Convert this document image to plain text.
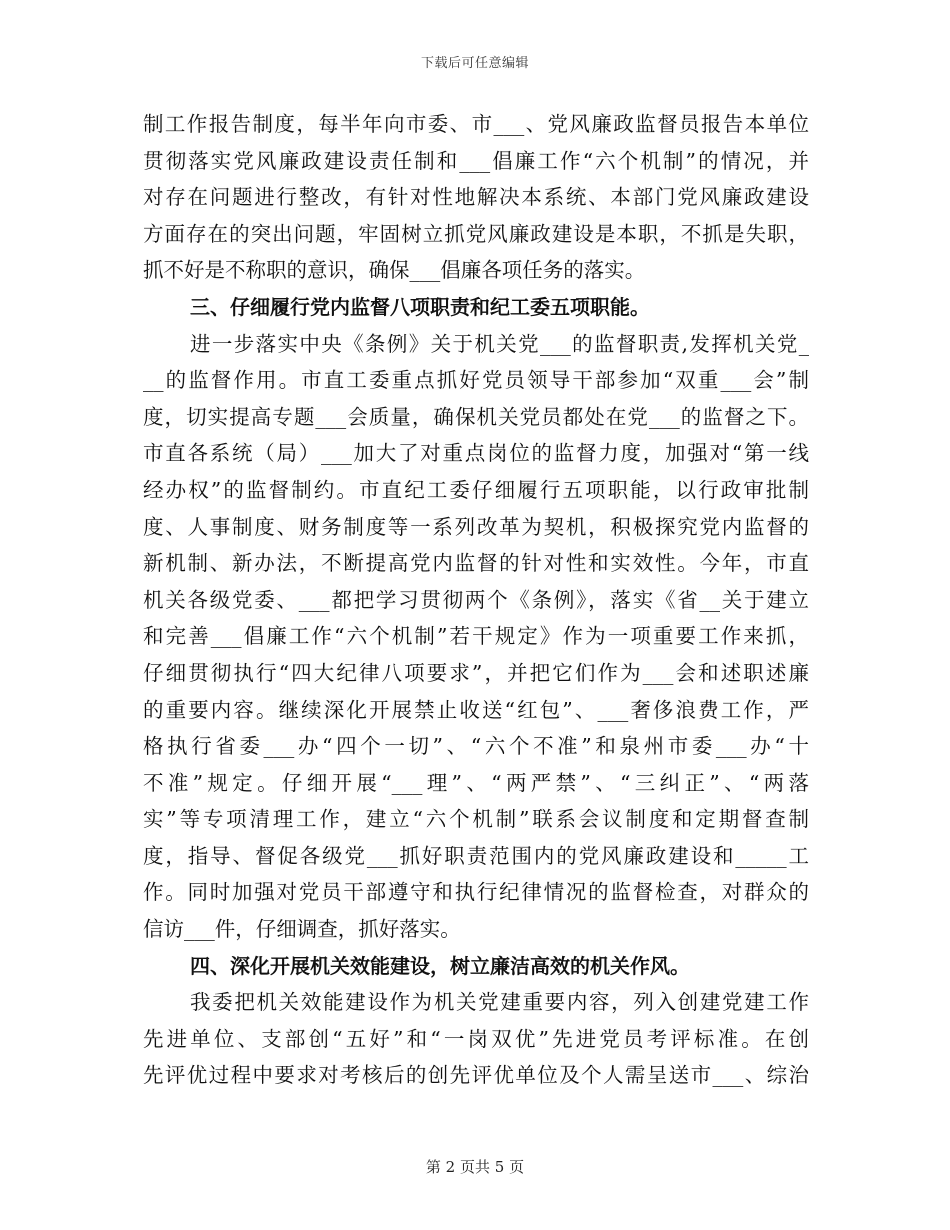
下载后可任意编辑
制工作报告制度，每半年向市委、市___、党风廉政监督员报告本单位
贯彻落实党风廉政建设责任制和___倡廉工作“六个机制”的情况，并
对存在问题进行整改，有针对性地解决本系统、本部门党风廉政建设
方面存在的突出问题，牢固树立抓党风廉政建设是本职，不抓是失职，
抓不好是不称职的意识，确保___倡廉各项任务的落实。
三、仔细履行党内监督八项职责和纪工委五项职能。
进一步落实中央《条例》关于机关党___的监督职责,发挥机关党_
__的监督作用。市直工委重点抓好党员领导干部参加“双重___会”制
度，切实提高专题___会质量，确保机关党员都处在党___的监督之下。
市直各系统（局）___加大了对重点岗位的监督力度，加强对“第一线
经办权”的监督制约。市直纪工委仔细履行五项职能，以行政审批制
度、人事制度、财务制度等一系列改革为契机，积极探究党内监督的
新机制、新办法，不断提高党内监督的针对性和实效性。今年，市直
机关各级党委、___都把学习贯彻两个《条例》，落实《省__关于建立
和完善___倡廉工作“六个机制”若干规定》作为一项重要工作来抓，
仔细贯彻执行“四大纪律八项要求”，并把它们作为___会和述职述廉
的重要内容。继续深化开展禁止收送“红包”、___奢侈浪费工作，严
格执行省委___办“四个一切”、“六个不准”和泉州市委___办“十
不准”规定。仔细开展“___理”、“两严禁”、“三纠正”、“两落
实”等专项清理工作，建立“六个机制”联系会议制度和定期督查制
度，指导、督促各级党___抓好职责范围内的党风廉政建设和_____工
作。同时加强对党员干部遵守和执行纪律情况的监督检查，对群众的
信访___件，仔细调查，抓好落实。
四、深化开展机关效能建设，树立廉洁高效的机关作风。
我委把机关效能建设作为机关党建重要内容，列入创建党建工作
先进单位、支部创“五好”和“一岗双优”先进党员考评标准。在创
先评优过程中要求对考核后的创先评优单位及个人需呈送市___、综治
第 2 页共 5 页
